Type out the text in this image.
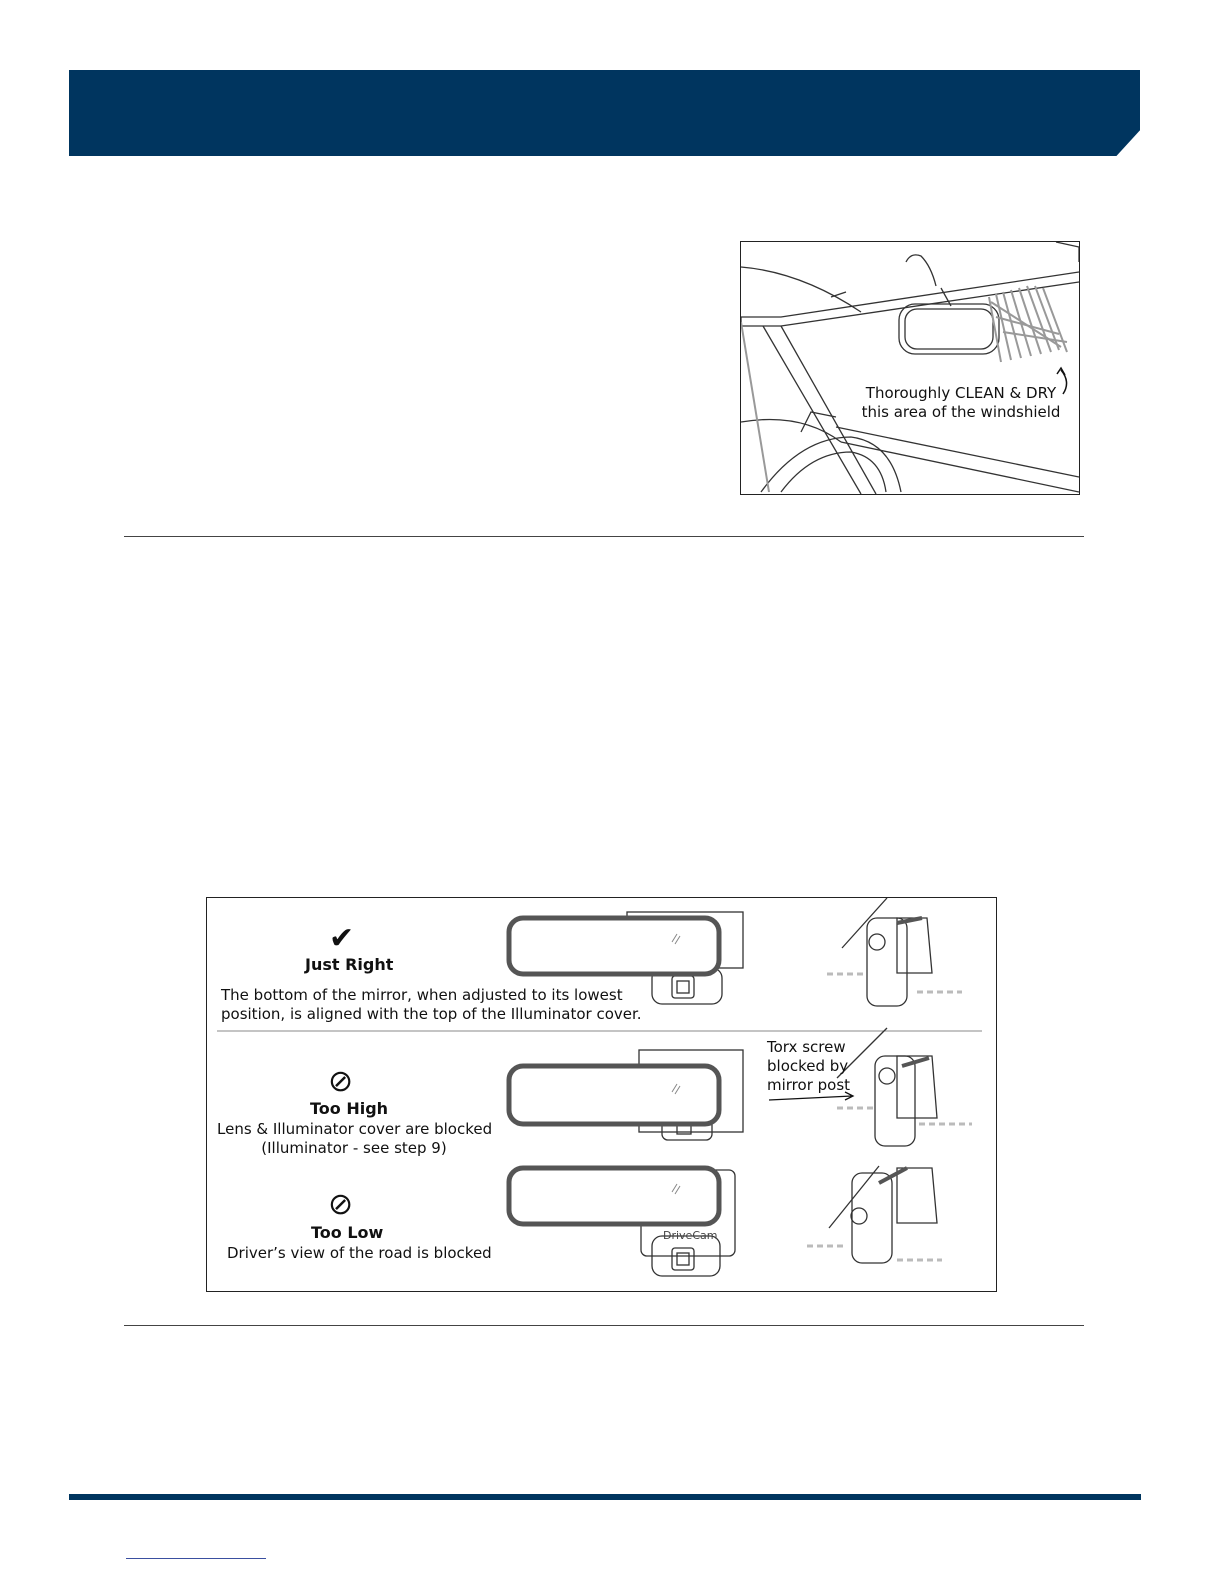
Thoroughly CLEAN & DRY
this area of the windshield
✔
Just Right
The bottom of the mirror, when adjusted to its lowest
position, is aligned with the top of the Illuminator cover.
⊘
Too High
Lens & Illuminator cover are blocked
(Illuminator - see step 9)
⊘
Too Low
Driver’s view of the road is blocked
Torx screw
blocked by
mirror post
DriveCam
